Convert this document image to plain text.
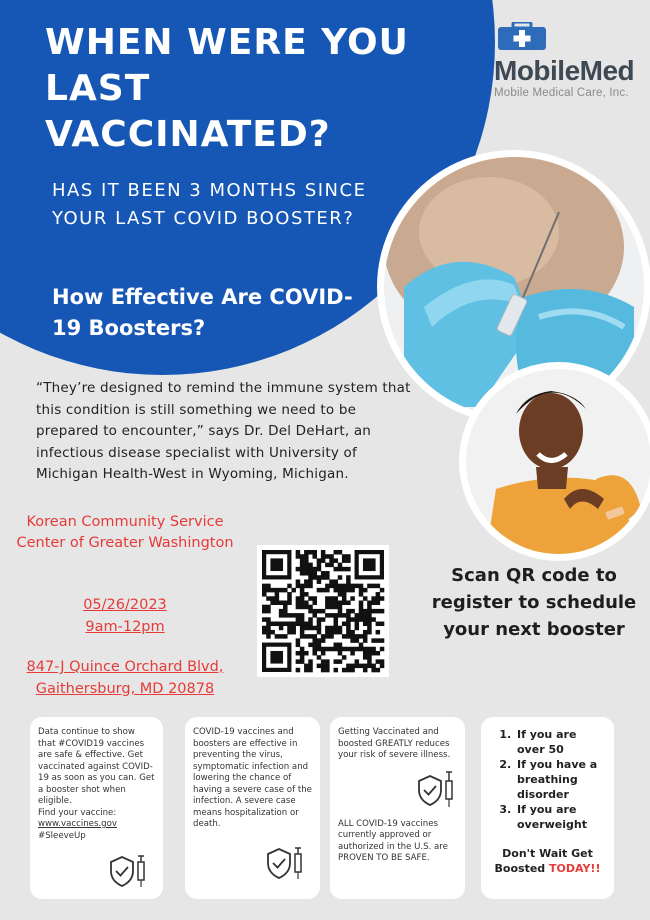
WHEN WERE YOU LAST VACCINATED?
HAS IT BEEN 3 MONTHS SINCE YOUR LAST COVID BOOSTER?
How Effective Are COVID-19 Boosters?
MobileMed
Mobile Medical Care, Inc.
“They’re designed to remind the immune system that this condition is still something we need to be prepared to encounter,” says Dr. Del DeHart, an infectious disease specialist with University of Michigan Health-West in Wyoming, Michigan.
Korean Community Service Center of Greater Washington
05/26/2023
9am-12pm
847-J Quince Orchard Blvd,
Gaithersburg, MD 20878
Scan QR code to register to schedule your next booster

Data continue to show that #COVID19 vaccines are safe & effective. Get vaccinated against COVID-19 as soon as you can. Get a booster shot when eligible.

Find your vaccine:

www.vaccines.gov

#SleeveUp

COVID-19 vaccines and boosters are effective in preventing the virus, symptomatic infection and lowering the chance of having a severe case of the infection. A severe case means hospitalization or death.

Getting Vaccinated and boosted GREATLY reduces your risk of severe illness.

ALL COVID-19 vaccines currently approved or authorized in the U.S. are PROVEN TO BE SAFE.

1. If you are over 50
2. If you have a breathing disorder
3. If you are overweight
Don't Wait Get Boosted TODAY!!
